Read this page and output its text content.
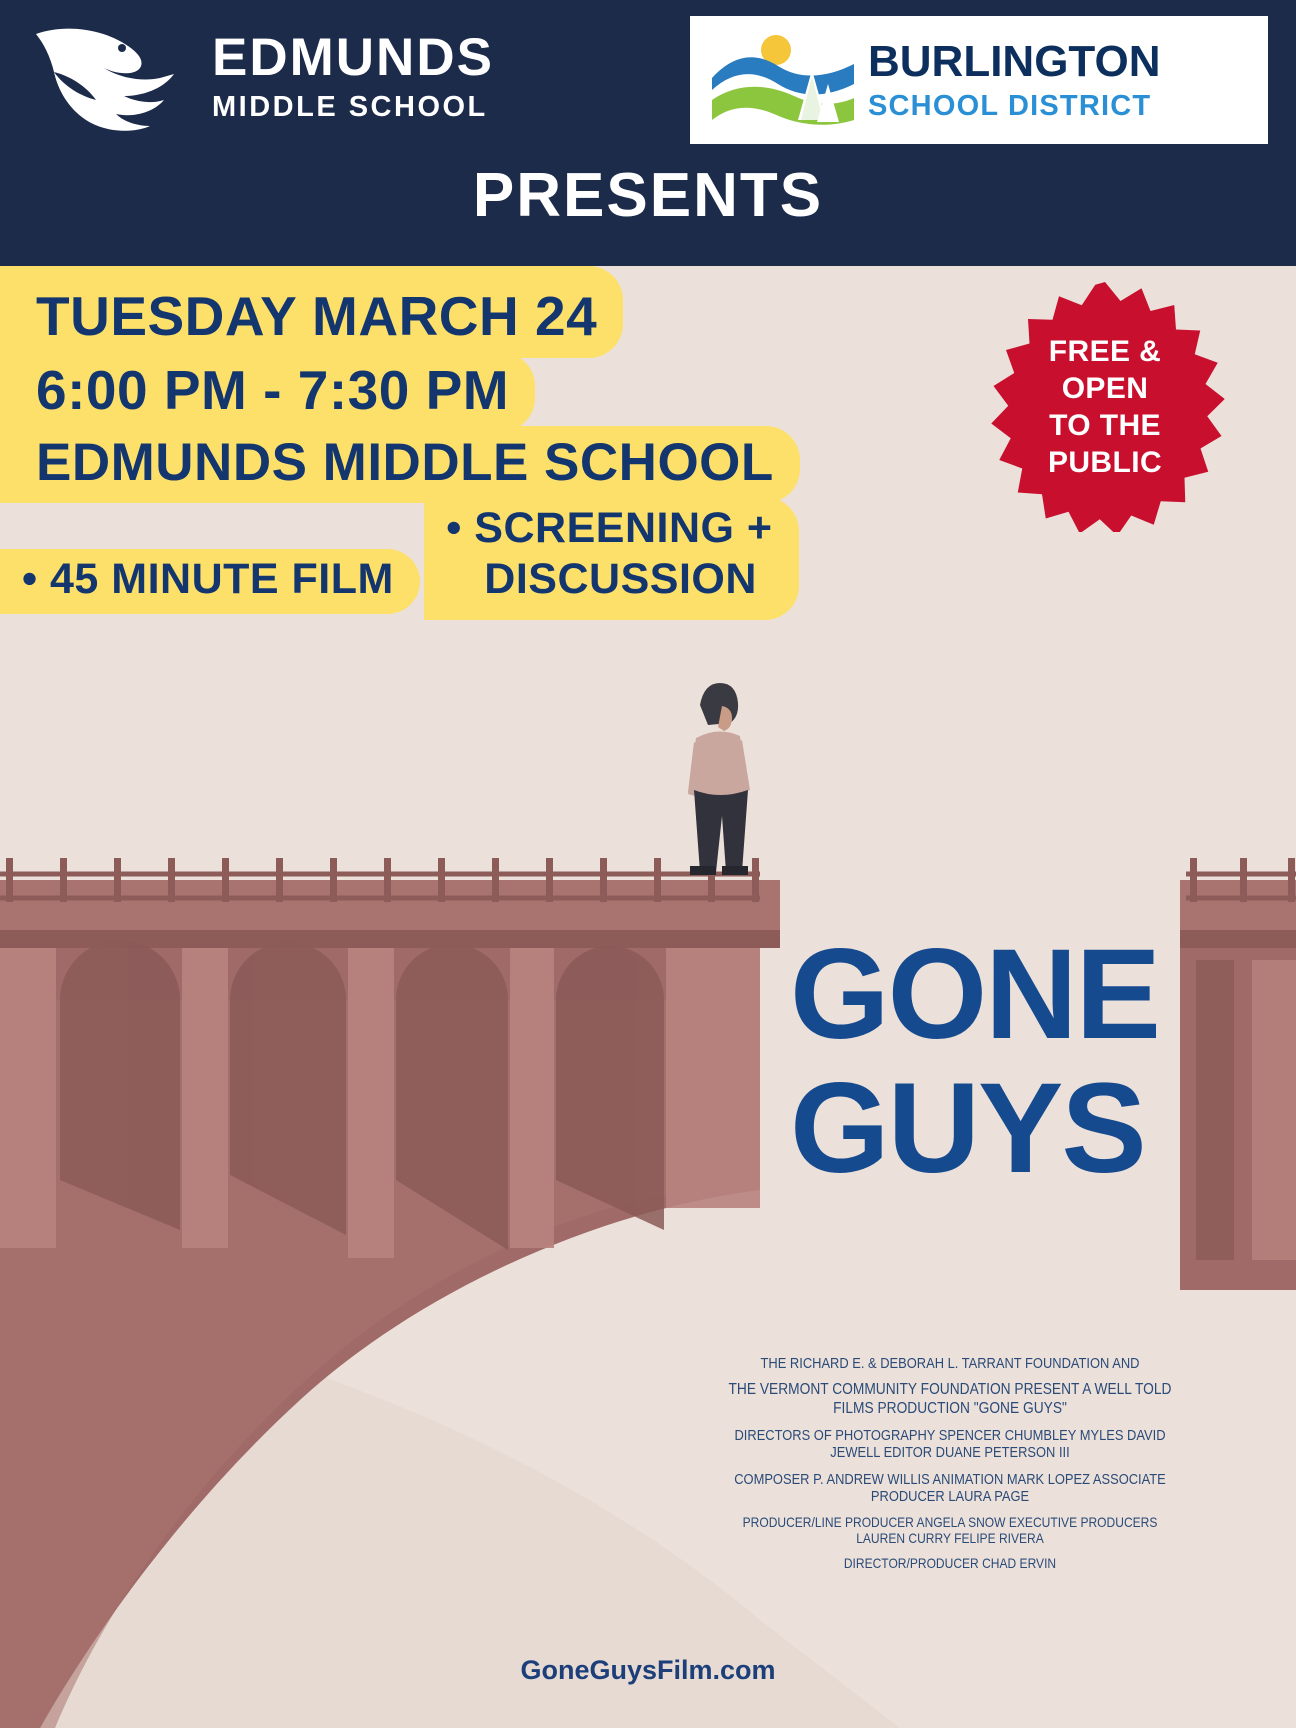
EDMUNDS
MIDDLE SCHOOL
BURLINGTON
SCHOOL DISTRICT
PRESENTS
TUESDAY MARCH 24 6:00 PM - 7:30 PM EDMUNDS MIDDLE SCHOOL • 45 MINUTE FILM
• SCREENING +
DISCUSSION
FREE &
OPEN
TO THE
PUBLIC

GONE
GUYS
THE RICHARD E. & DEBORAH L. TARRANT FOUNDATION AND
THE VERMONT COMMUNITY FOUNDATION PRESENT A WELL TOLD FILMS PRODUCTION "GONE GUYS"
DIRECTORS OF PHOTOGRAPHY SPENCER CHUMBLEY MYLES DAVID JEWELL EDITOR DUANE PETERSON III
COMPOSER P. ANDREW WILLIS ANIMATION MARK LOPEZ ASSOCIATE PRODUCER LAURA PAGE
PRODUCER/LINE PRODUCER ANGELA SNOW EXECUTIVE PRODUCERS LAUREN CURRY FELIPE RIVERA
DIRECTOR/PRODUCER CHAD ERVIN
GoneGuysFilm.com
